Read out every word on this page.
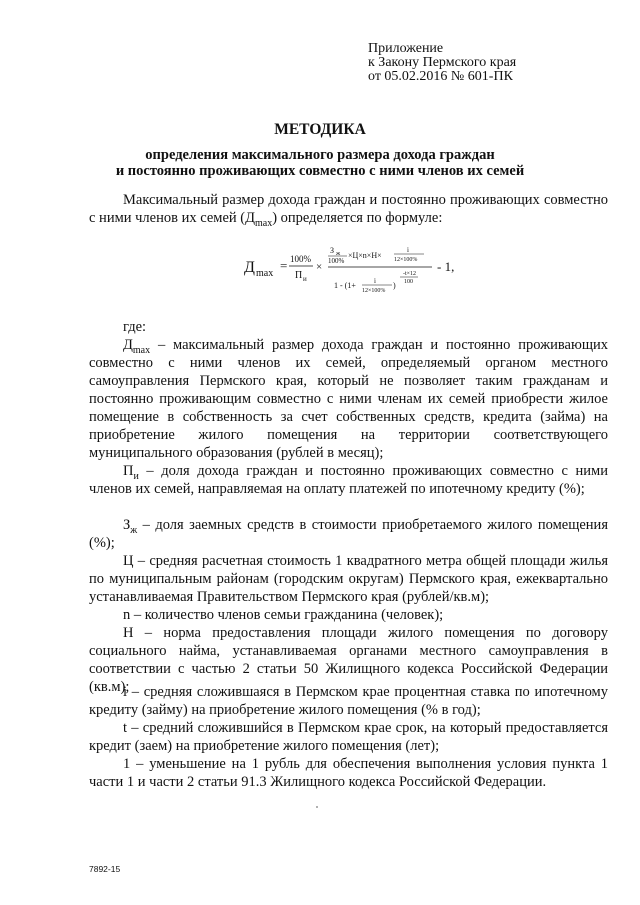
Приложение
к Закону Пермского края
от 05.02.2016 № 601-ПК
МЕТОДИКА
определения максимального размера дохода граждан
и постоянно проживающих совместно с ними членов их семей
Максимальный размер дохода граждан и постоянно проживающих совместно с ними членов их семей $(Д_{max})$ определяется по формуле:
Д max
= 100%
П и
×
З ж
100%
×Ц×n×Н×
i
12×100%
1 - (1+	i
12×100%
)
-t×12
100
- 1,
где:
$Д_{max}$ – максимальный размер дохода граждан и постоянно проживающих совместно с ними членов их семей, определяемый органом местного самоуправления Пермского края, который не позволяет таким гражданам и постоянно проживающим совместно с ними членам их семей приобрести жилое помещение в собственность за счет собственных средств, кредита (займа) на приобретение жилого помещения на территории соответствующего муниципального образования (рублей в месяц);
$П_и$ – доля дохода граждан и постоянно проживающих совместно с ними членов их семей, направляемая на оплату платежей по ипотечному кредиту (%);
$З_ж$ – доля заемных средств в стоимости приобретаемого жилого помещения (%);
Ц – средняя расчетная стоимость 1 квадратного метра общей площади жилья по муниципальным районам (городским округам) Пермского края, ежеквартально устанавливаемая Правительством Пермского края (рублей/кв.м);
n – количество членов семьи гражданина (человек);
Н – норма предоставления площади жилого помещения по договору социального найма, устанавливаемая органами местного самоуправления в соответствии с частью 2 статьи 50 Жилищного кодекса Российской Федерации (кв.м);
i – средняя сложившаяся в Пермском крае процентная ставка по ипотечному кредиту (займу) на приобретение жилого помещения (% в год);
t – средний сложившийся в Пермском крае срок, на который предоставляется кредит (заем) на приобретение жилого помещения (лет);
1 – уменьшение на 1 рубль для обеспечения выполнения условия пункта 1 части 1 и части 2 статьи 91.3 Жилищного кодекса Российской Федерации.
7892-15
